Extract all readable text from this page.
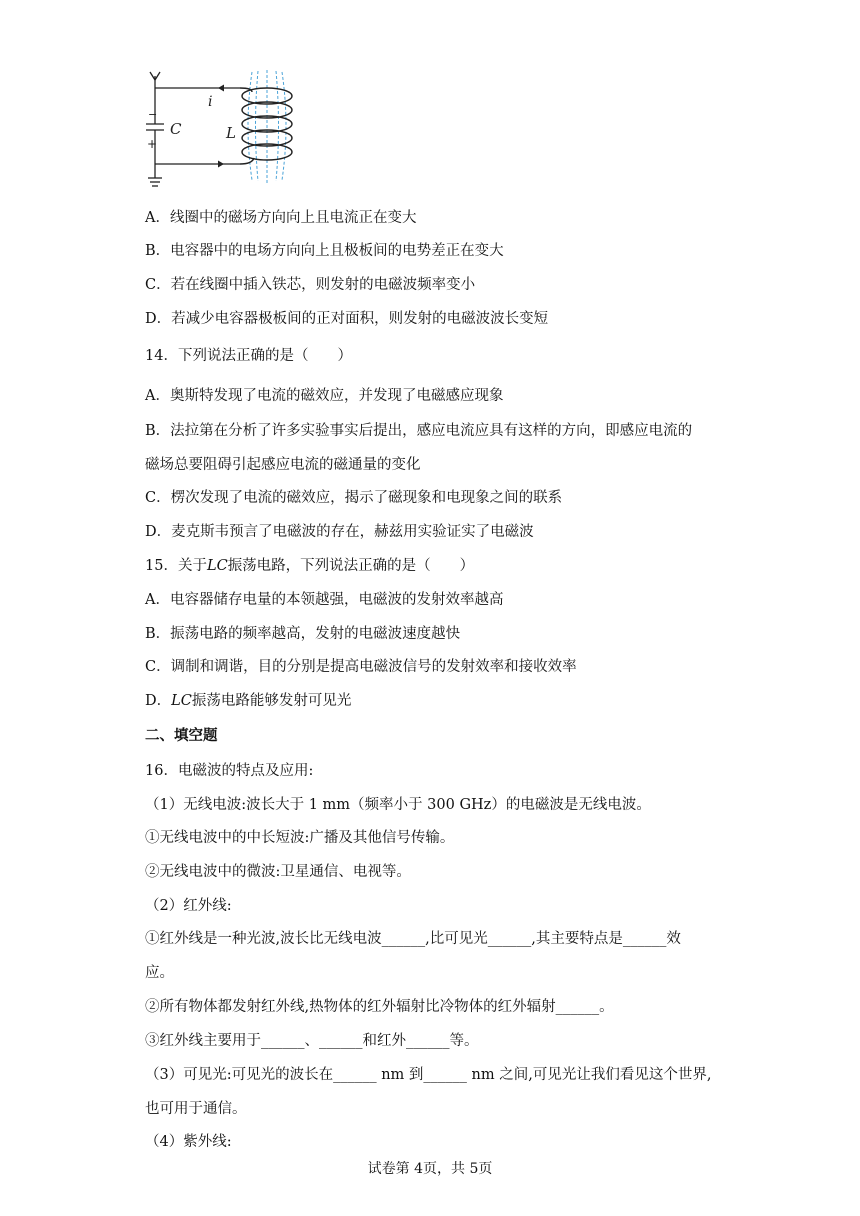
i
C	L
−
+
A．线圈中的磁场方向向上且电流正在变大
B．电容器中的电场方向向上且极板间的电势差正在变大
C．若在线圈中插入铁芯，则发射的电磁波频率变小
D．若减少电容器极板间的正对面积，则发射的电磁波波长变短
14．下列说法正确的是（　　）
A．奥斯特发现了电流的磁效应，并发现了电磁感应现象
B．法拉第在分析了许多实验事实后提出，感应电流应具有这样的方向，即感应电流的
磁场总要阻碍引起感应电流的磁通量的变化
C．楞次发现了电流的磁效应，揭示了磁现象和电现象之间的联系
D．麦克斯韦预言了电磁波的存在，赫兹用实验证实了电磁波
15．关于LC振荡电路，下列说法正确的是（　　）
A．电容器储存电量的本领越强，电磁波的发射效率越高
B．振荡电路的频率越高，发射的电磁波速度越快
C．调制和调谐，目的分别是提高电磁波信号的发射效率和接收效率
D．LC振荡电路能够发射可见光
二、填空题
16．电磁波的特点及应用:
（1）无线电波:波长大于 1 mm（频率小于 300 GHz）的电磁波是无线电波。
①无线电波中的中长短波:广播及其他信号传输。
②无线电波中的微波:卫星通信、电视等。
（2）红外线:
①红外线是一种光波,波长比无线电波______,比可见光______,其主要特点是______效
应。
②所有物体都发射红外线,热物体的红外辐射比冷物体的红外辐射______。
③红外线主要用于______、______和红外______等。
（3）可见光:可见光的波长在______ nm 到______ nm 之间,可见光让我们看见这个世界,
也可用于通信。
（4）紫外线:
试卷第 4页，共 5页
